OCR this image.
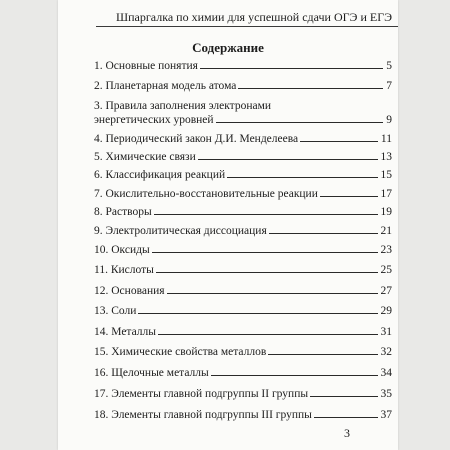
Шпаргалка по химии для успешной сдачи ОГЭ и ЕГЭ
Содержание
1. Основные понятия	5
2. Планетарная модель атома	7
3. Правила заполнения электронами
энергетических уровней	9
4. Периодический закон Д.И. Менделеева	11
5. Химические связи	13
6. Классификация реакций	15
7. Окислительно-восстановительные реакции	17
8. Растворы	19
9. Электролитическая диссоциация	21
10. Оксиды	23
11. Кислоты	25
12. Основания	27
13. Соли	29
14. Металлы	31
15. Химические свойства металлов	32
16. Щелочные металлы	34
17. Элементы главной подгруппы II группы	35
18. Элементы главной подгруппы III группы	37
3
